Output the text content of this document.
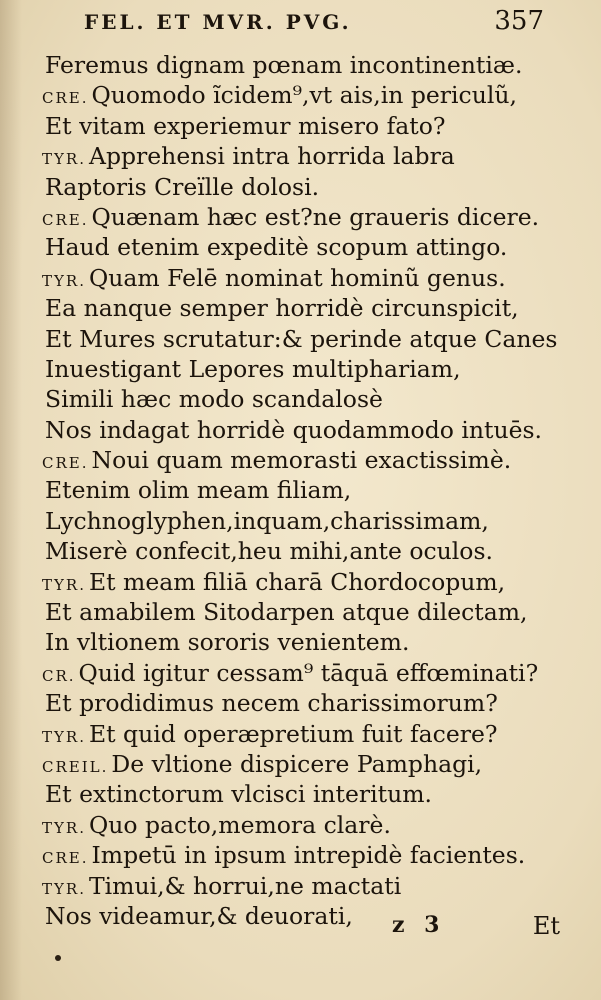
FEL. ET MVR. PVG.	357
Feremus dignam pœnam incontinentiæ.
CRE. Quomodo ĩcidem⁹,vt ais,in periculũ,
Et vitam experiemur misero fato?
TYR. Apprehensi intra horrida labra
Raptoris Creïlle dolosi.
CRE. Quænam hæc est?ne graueris dicere.
Haud etenim expeditè scopum attingo.
TYR. Quam Felē nominat hominũ genus.
Ea nanque semper horridè circunspicit,
Et Mures scrutatur:& perinde atque Canes
Inuestigant Lepores multiphariam,
Simili hæc modo scandalosè
Nos indagat horridè quodammodo intuēs.
CRE. Noui quam memorasti exactissimè.
Etenim olim meam filiam,
Lychnoglyphen,inquam,charissimam,
Miserè confecit,heu mihi,ante oculos.
TYR. Et meam filiā charā Chordocopum,
Et amabilem Sitodarpen atque dilectam,
In vltionem sororis venientem.
CR. Quid igitur cessam⁹ tāquā effœminati?
Et prodidimus necem charissimorum?
TYR. Et quid operæpretium fuit facere?
CREIL. De vltione dispicere Pamphagi,
Et extinctorum vlcisci interitum.
TYR. Quo pacto,memora clarè.
CRE. Impetū in ipsum intrepidè facientes.
TYR. Timui,& horrui,ne mactati
Nos videamur,& deuorati,	z 3	Et
